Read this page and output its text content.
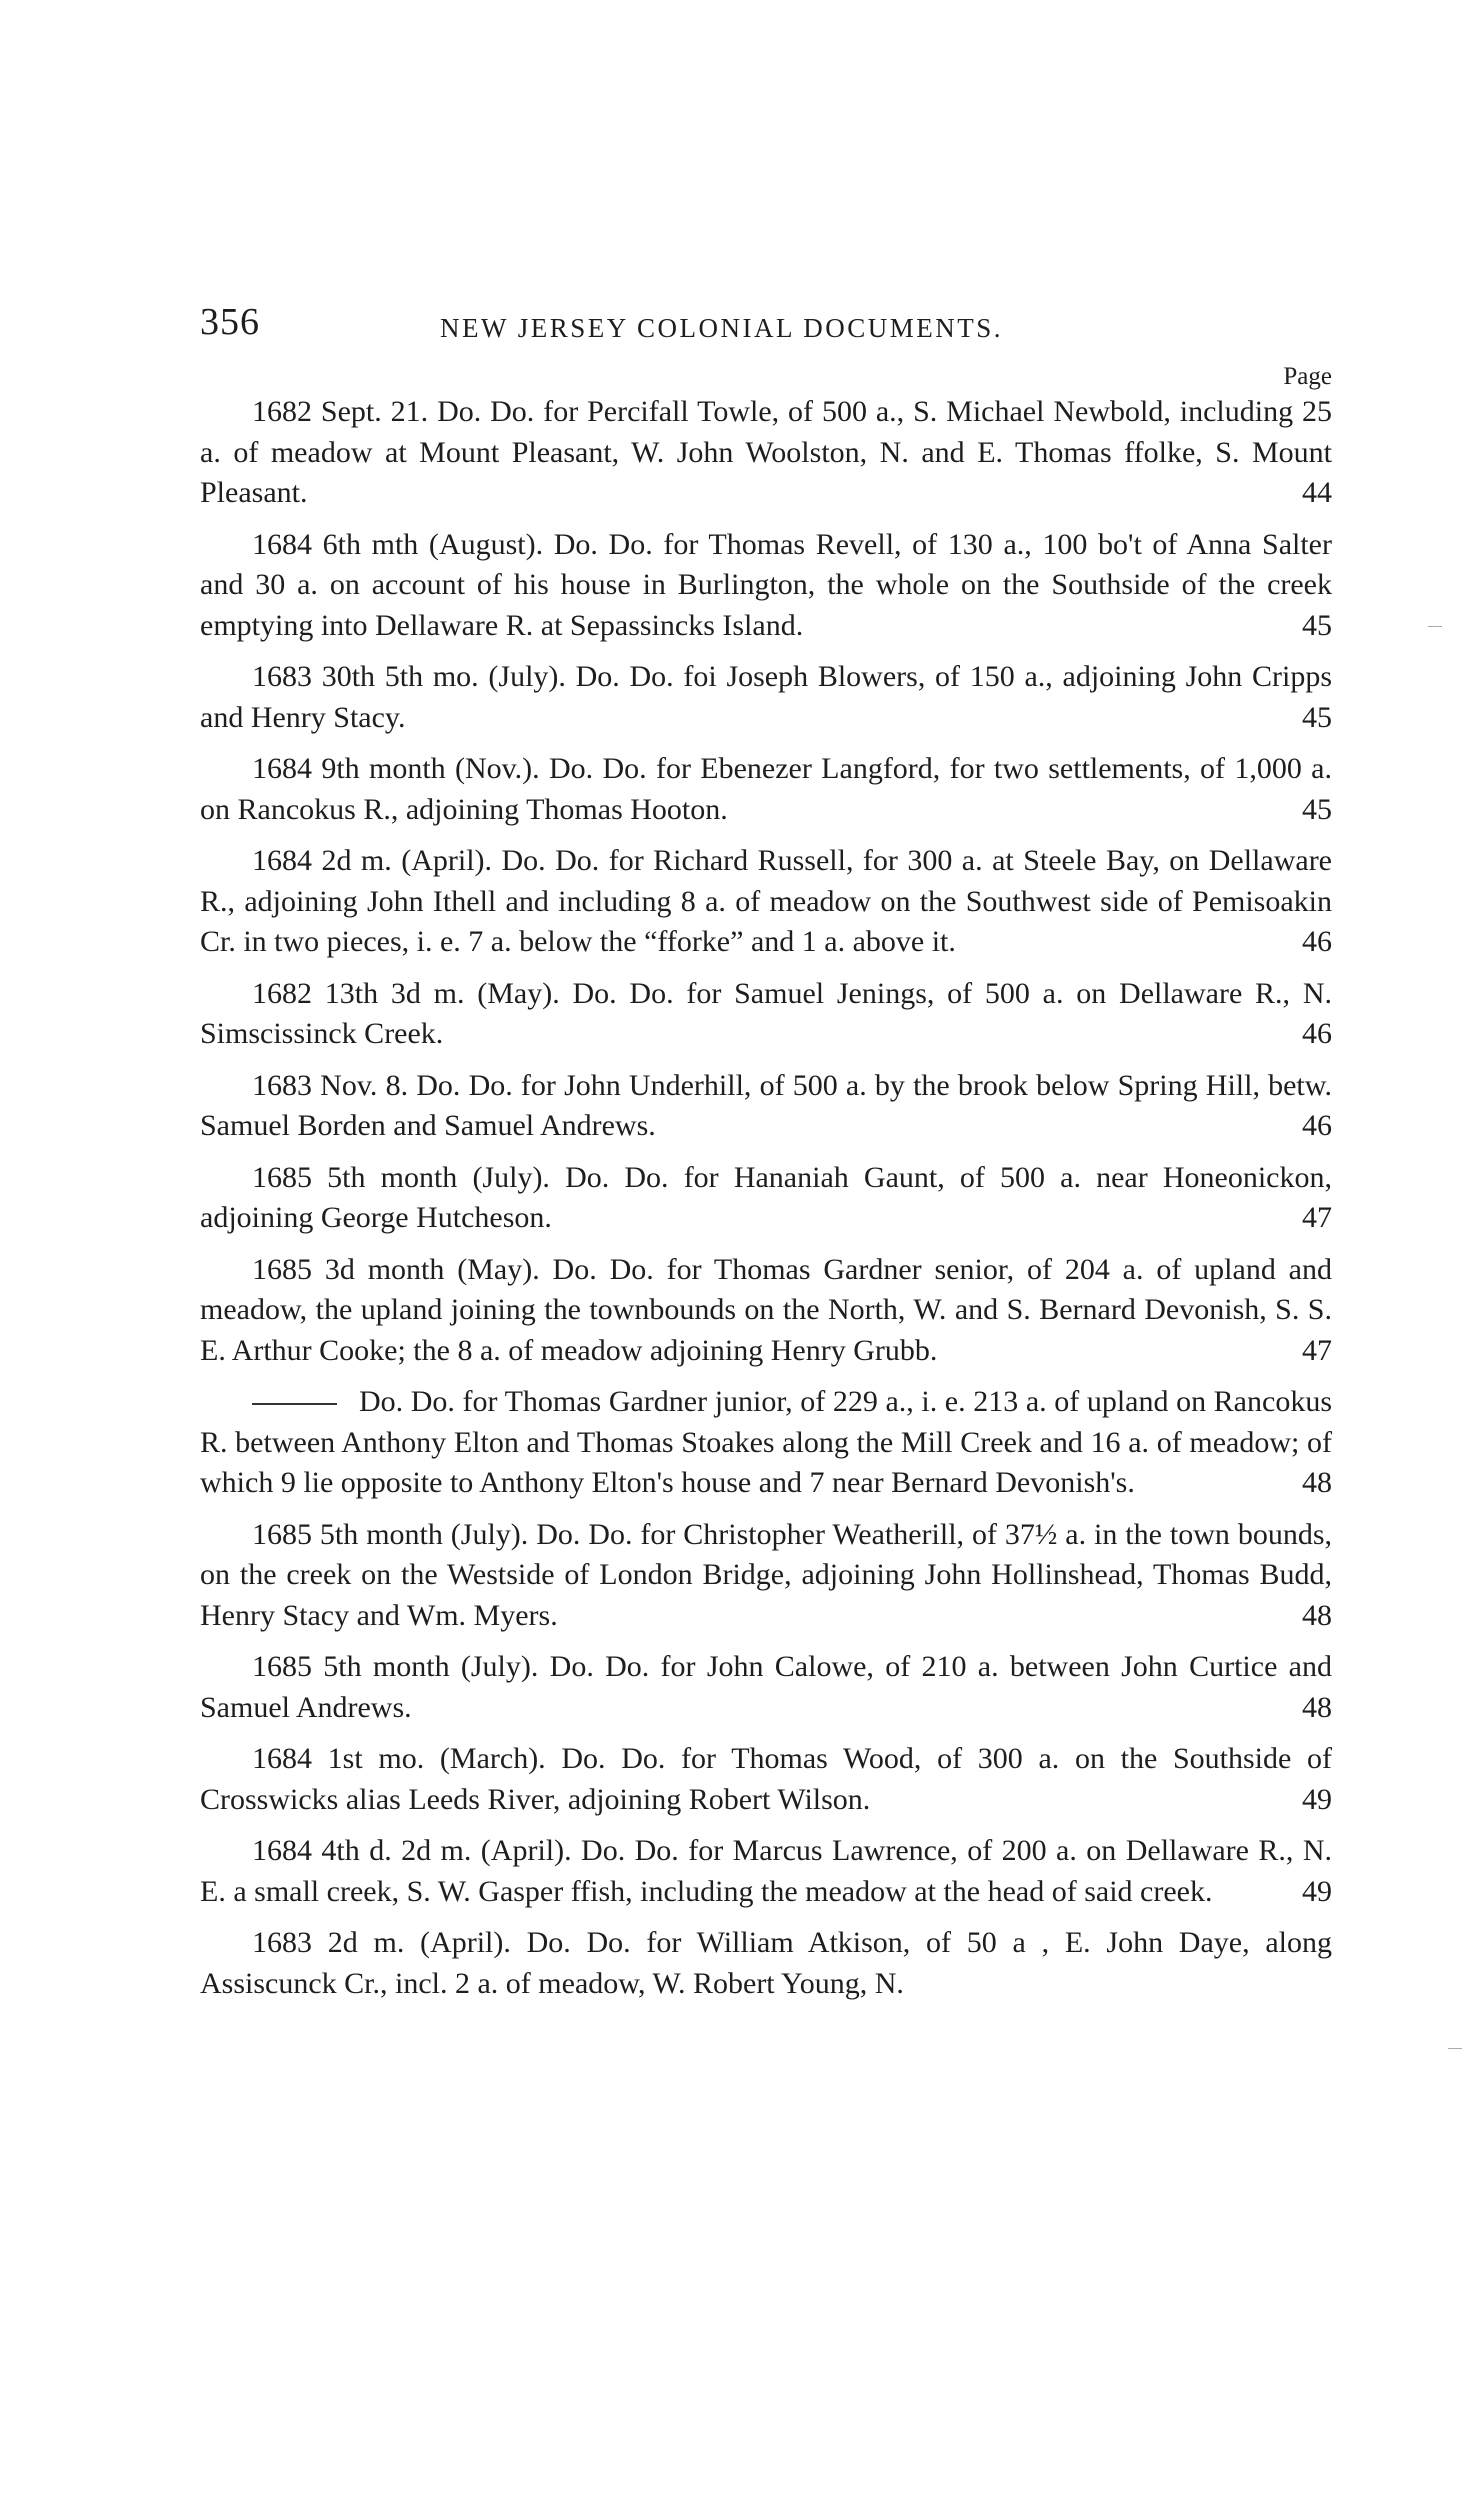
356	NEW JERSEY COLONIAL DOCUMENTS.
Page

1682 Sept. 21. Do. Do. for Percifall Towle, of 500 a., S. Michael Newbold, including 25 a. of meadow at Mount Pleasant, W. John Woolston, N. and E. Thomas ffolke, S. Mount Pleasant.	44

1684 6th mth (August). Do. Do. for Thomas Revell, of 130 a., 100 bo't of Anna Salter and 30 a. on account of his house in Burlington, the whole on the Southside of the creek emptying into Dellaware R. at Sepassincks Island.	45

1683 30th 5th mo. (July). Do. Do. foi Joseph Blowers, of 150 a., adjoining John Cripps and Henry Stacy.	45

1684 9th month (Nov.). Do. Do. for Ebenezer Langford, for two settlements, of 1,000 a. on Rancokus R., adjoining Thomas Hooton.	45

1684 2d m. (April). Do. Do. for Richard Russell, for 300 a. at Steele Bay, on Dellaware R., adjoining John Ithell and including 8 a. of meadow on the Southwest side of Pemisoakin Cr. in two pieces, i. e. 7 a. below the “fforke” and 1 a. above it.	46

1682 13th 3d m. (May). Do. Do. for Samuel Jenings, of 500 a. on Dellaware R., N. Simscissinck Creek.	46

1683 Nov. 8. Do. Do. for John Underhill, of 500 a. by the brook below Spring Hill, betw. Samuel Borden and Samuel Andrews.	46

1685 5th month (July). Do. Do. for Hananiah Gaunt, of 500 a. near Honeonickon, adjoining George Hutcheson.	47

1685 3d month (May). Do. Do. for Thomas Gardner senior, of 204 a. of upland and meadow, the upland joining the townbounds on the North, W. and S. Bernard Devonish, S. S. E. Arthur Cooke; the 8 a. of meadow adjoining Henry Grubb.	47

Do. Do. for Thomas Gardner junior, of 229 a., i. e. 213 a. of upland on Rancokus R. between Anthony Elton and Thomas Stoakes along the Mill Creek and 16 a. of meadow; of which 9 lie opposite to Anthony Elton's house and 7 near Bernard Devonish's.	48

1685 5th month (July). Do. Do. for Christopher Weatherill, of 37½ a. in the town bounds, on the creek on the Westside of London Bridge, adjoining John Hollinshead, Thomas Budd, Henry Stacy and Wm. Myers.	48

1685 5th month (July). Do. Do. for John Calowe, of 210 a. between John Curtice and Samuel Andrews.	48

1684 1st mo. (March). Do. Do. for Thomas Wood, of 300 a. on the Southside of Crosswicks alias Leeds River, adjoining Robert Wilson.	49

1684 4th d. 2d m. (April). Do. Do. for Marcus Lawrence, of 200 a. on Dellaware R., N. E. a small creek, S. W. Gasper ffish, including the meadow at the head of said creek.	49

1683 2d m. (April). Do. Do. for William Atkison, of 50 a , E. John Daye, along Assiscunck Cr., incl. 2 a. of meadow, W. Robert Young, N.
